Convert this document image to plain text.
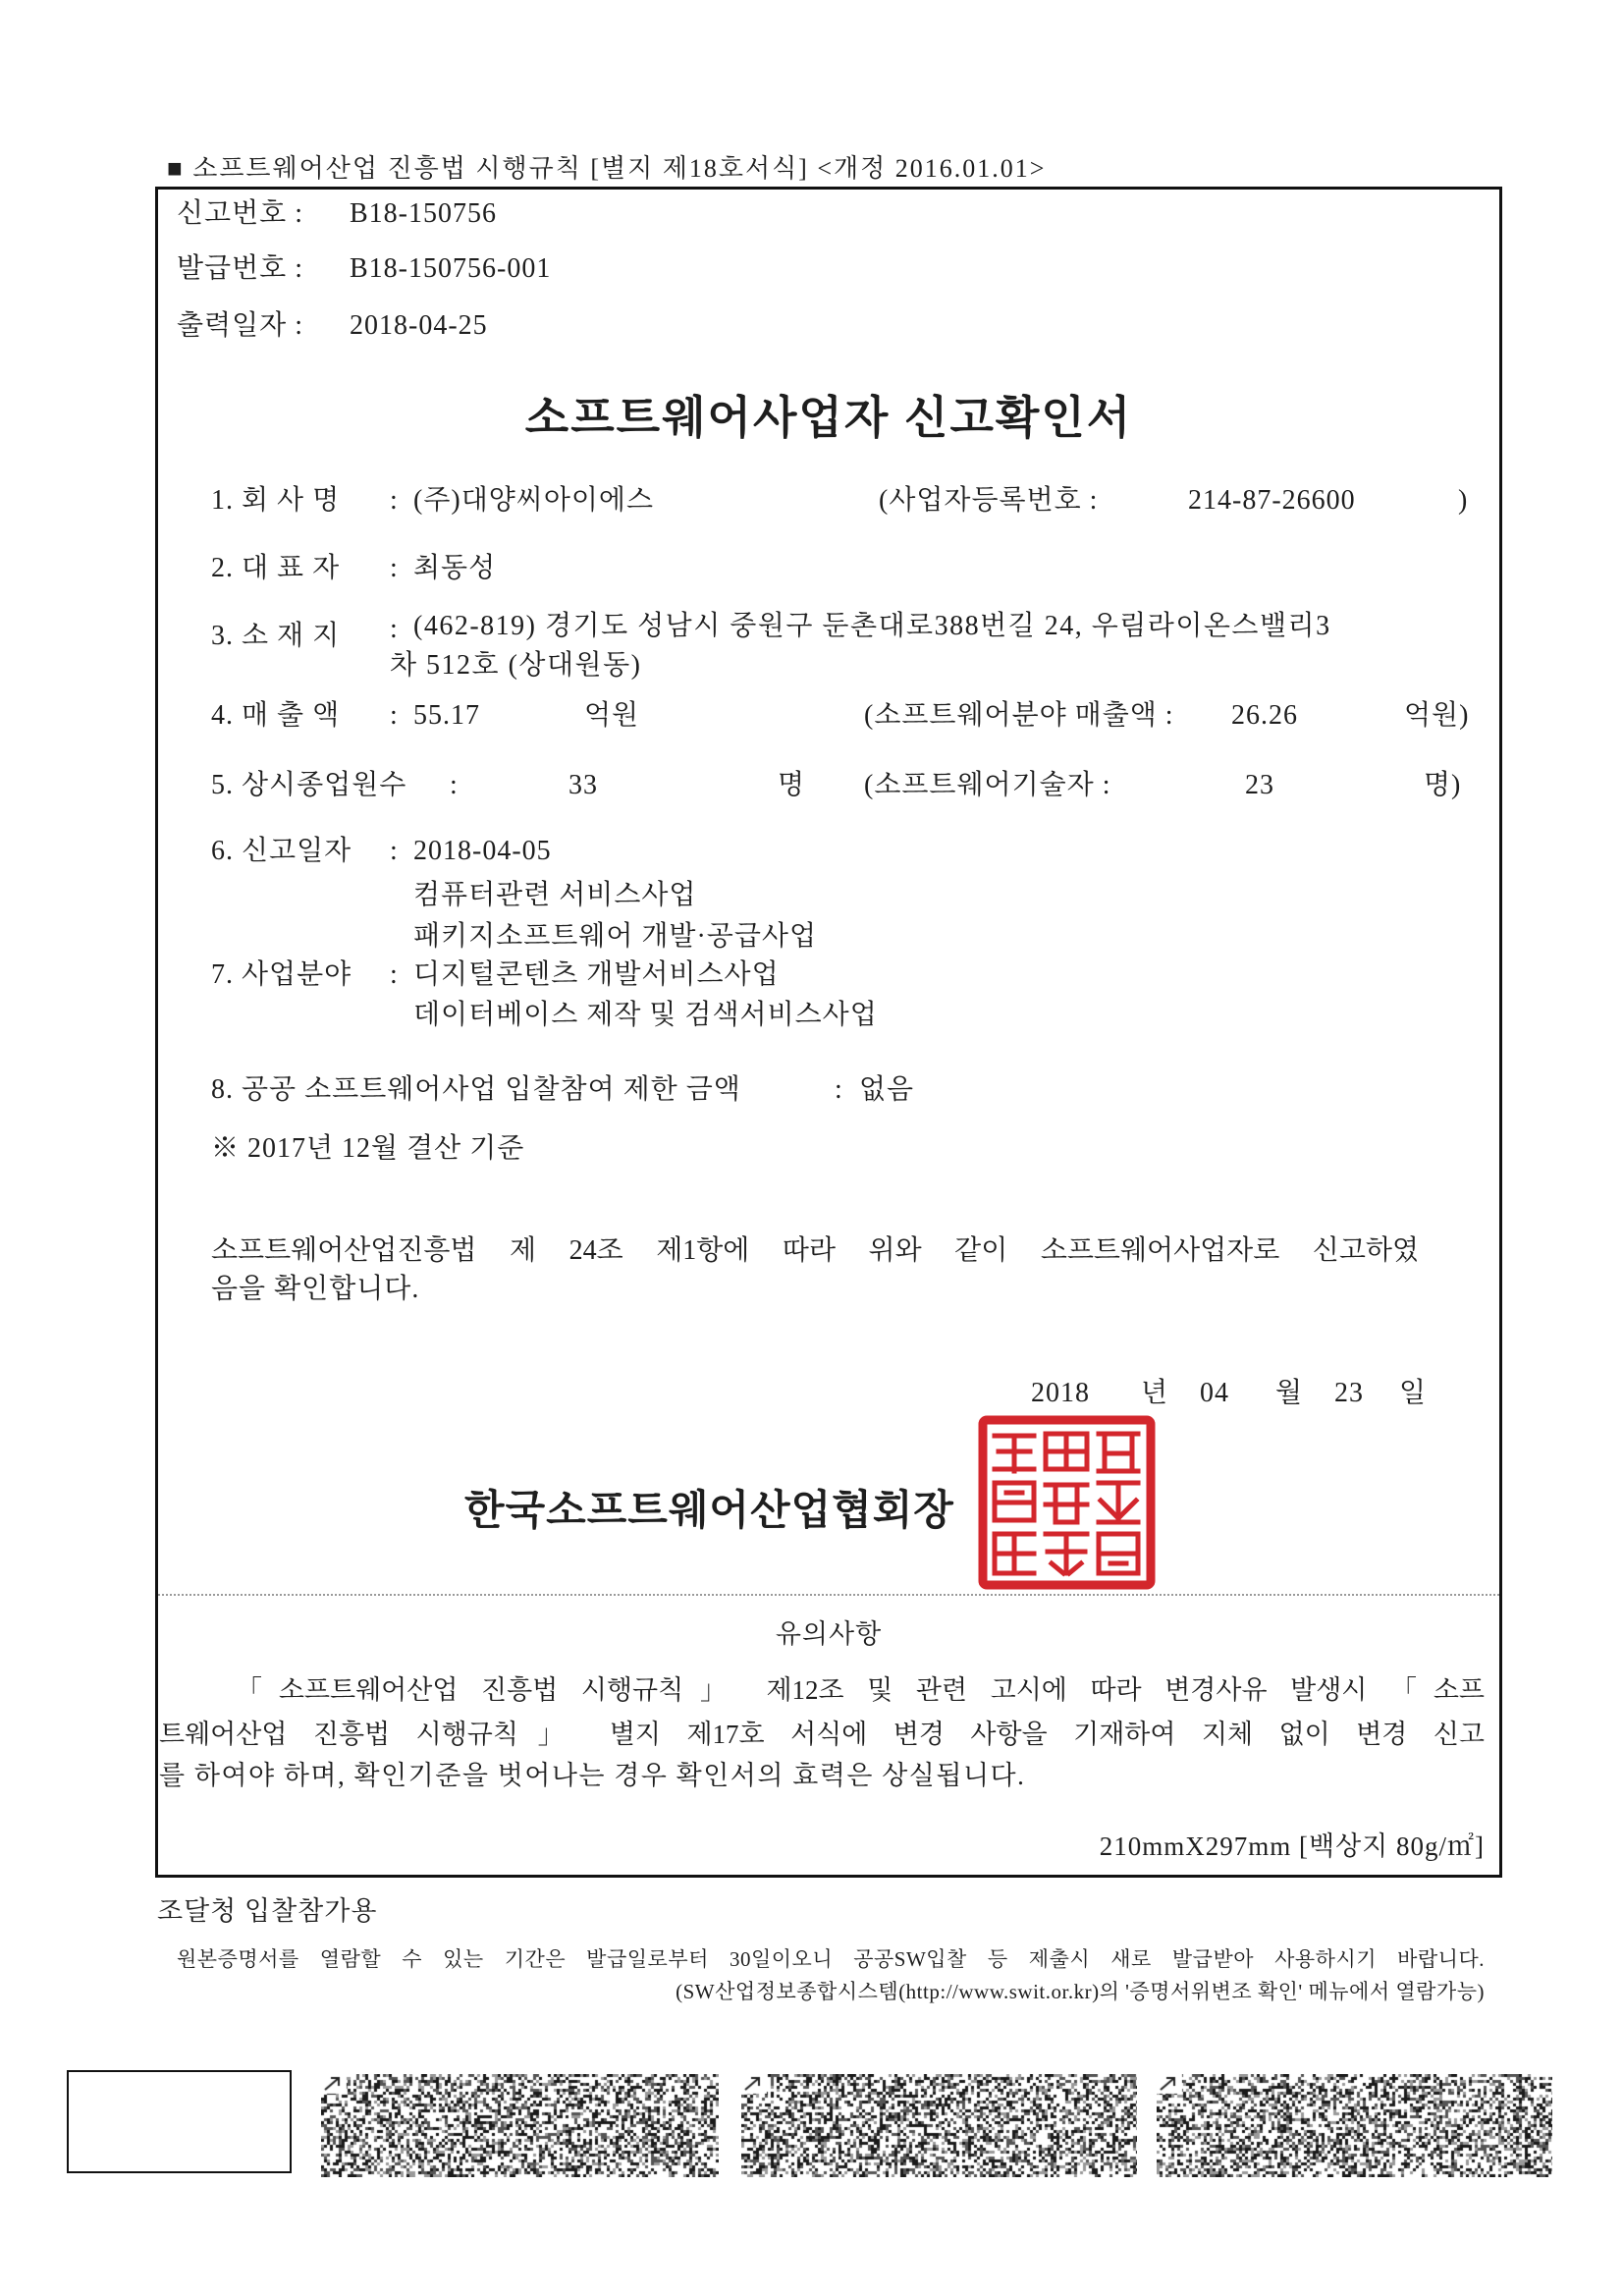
■ 소프트웨어산업 진흥법 시행규칙 [별지 제18호서식] <개정 2016.01.01>
신고번호 : B18-150756
발급번호 : B18-150756-001
출력일자 : 2018-04-25
소프트웨어사업자 신고확인서
1. 회 사 명 : (주)대양씨아이에스	(사업자등록번호 :	214-87-26600	)
2. 대 표 자 : 최동성
3. 소 재 지 : (462-819) 경기도 성남시 중원구 둔촌대로388번길 24, 우림라이온스밸리3
차 512호 (상대원동)
4. 매 출 액 : 55.17	억원	(소프트웨어분야 매출액 : 26.26	억원)
5. 상시종업원수 :	33	명 (소프트웨어기술자 :	23	명)
6. 신고일자 : 2018-04-05
컴퓨터관련 서비스사업
패키지소프트웨어 개발·공급사업
7. 사업분야 : 디지털콘텐츠 개발서비스사업
데이터베이스 제작 및 검색서비스사업
8. 공공 소프트웨어사업 입찰참여 제한 금액	: 없음
※ 2017년 12월 결산 기준
소프트웨어산업진흥법 제 24조 제1항에 따라 위와 같이 소프트웨어사업자로 신고하였
음을 확인합니다.
2018 년 04 월 23 일
한국소프트웨어산업협회장
유의사항
「소프트웨어산업 진흥법 시행규칙」 제12조 및 관련 고시에 따라 변경사유 발생시 「소프
트웨어산업 진흥법 시행규칙」 별지 제17호 서식에 변경 사항을 기재하여 지체 없이 변경 신고
를 하여야 하며, 확인기준을 벗어나는 경우 확인서의 효력은 상실됩니다.
210mmX297mm [백상지 80g/㎡]
조달청 입찰참가용
원본증명서를 열람할 수 있는 기간은 발급일로부터 30일이오니 공공SW입찰 등 제출시 새로 발급받아 사용하시기 바랍니다.
(SW산업정보종합시스템(http://www.swit.or.kr)의 '증명서위변조 확인' 메뉴에서 열람가능)
